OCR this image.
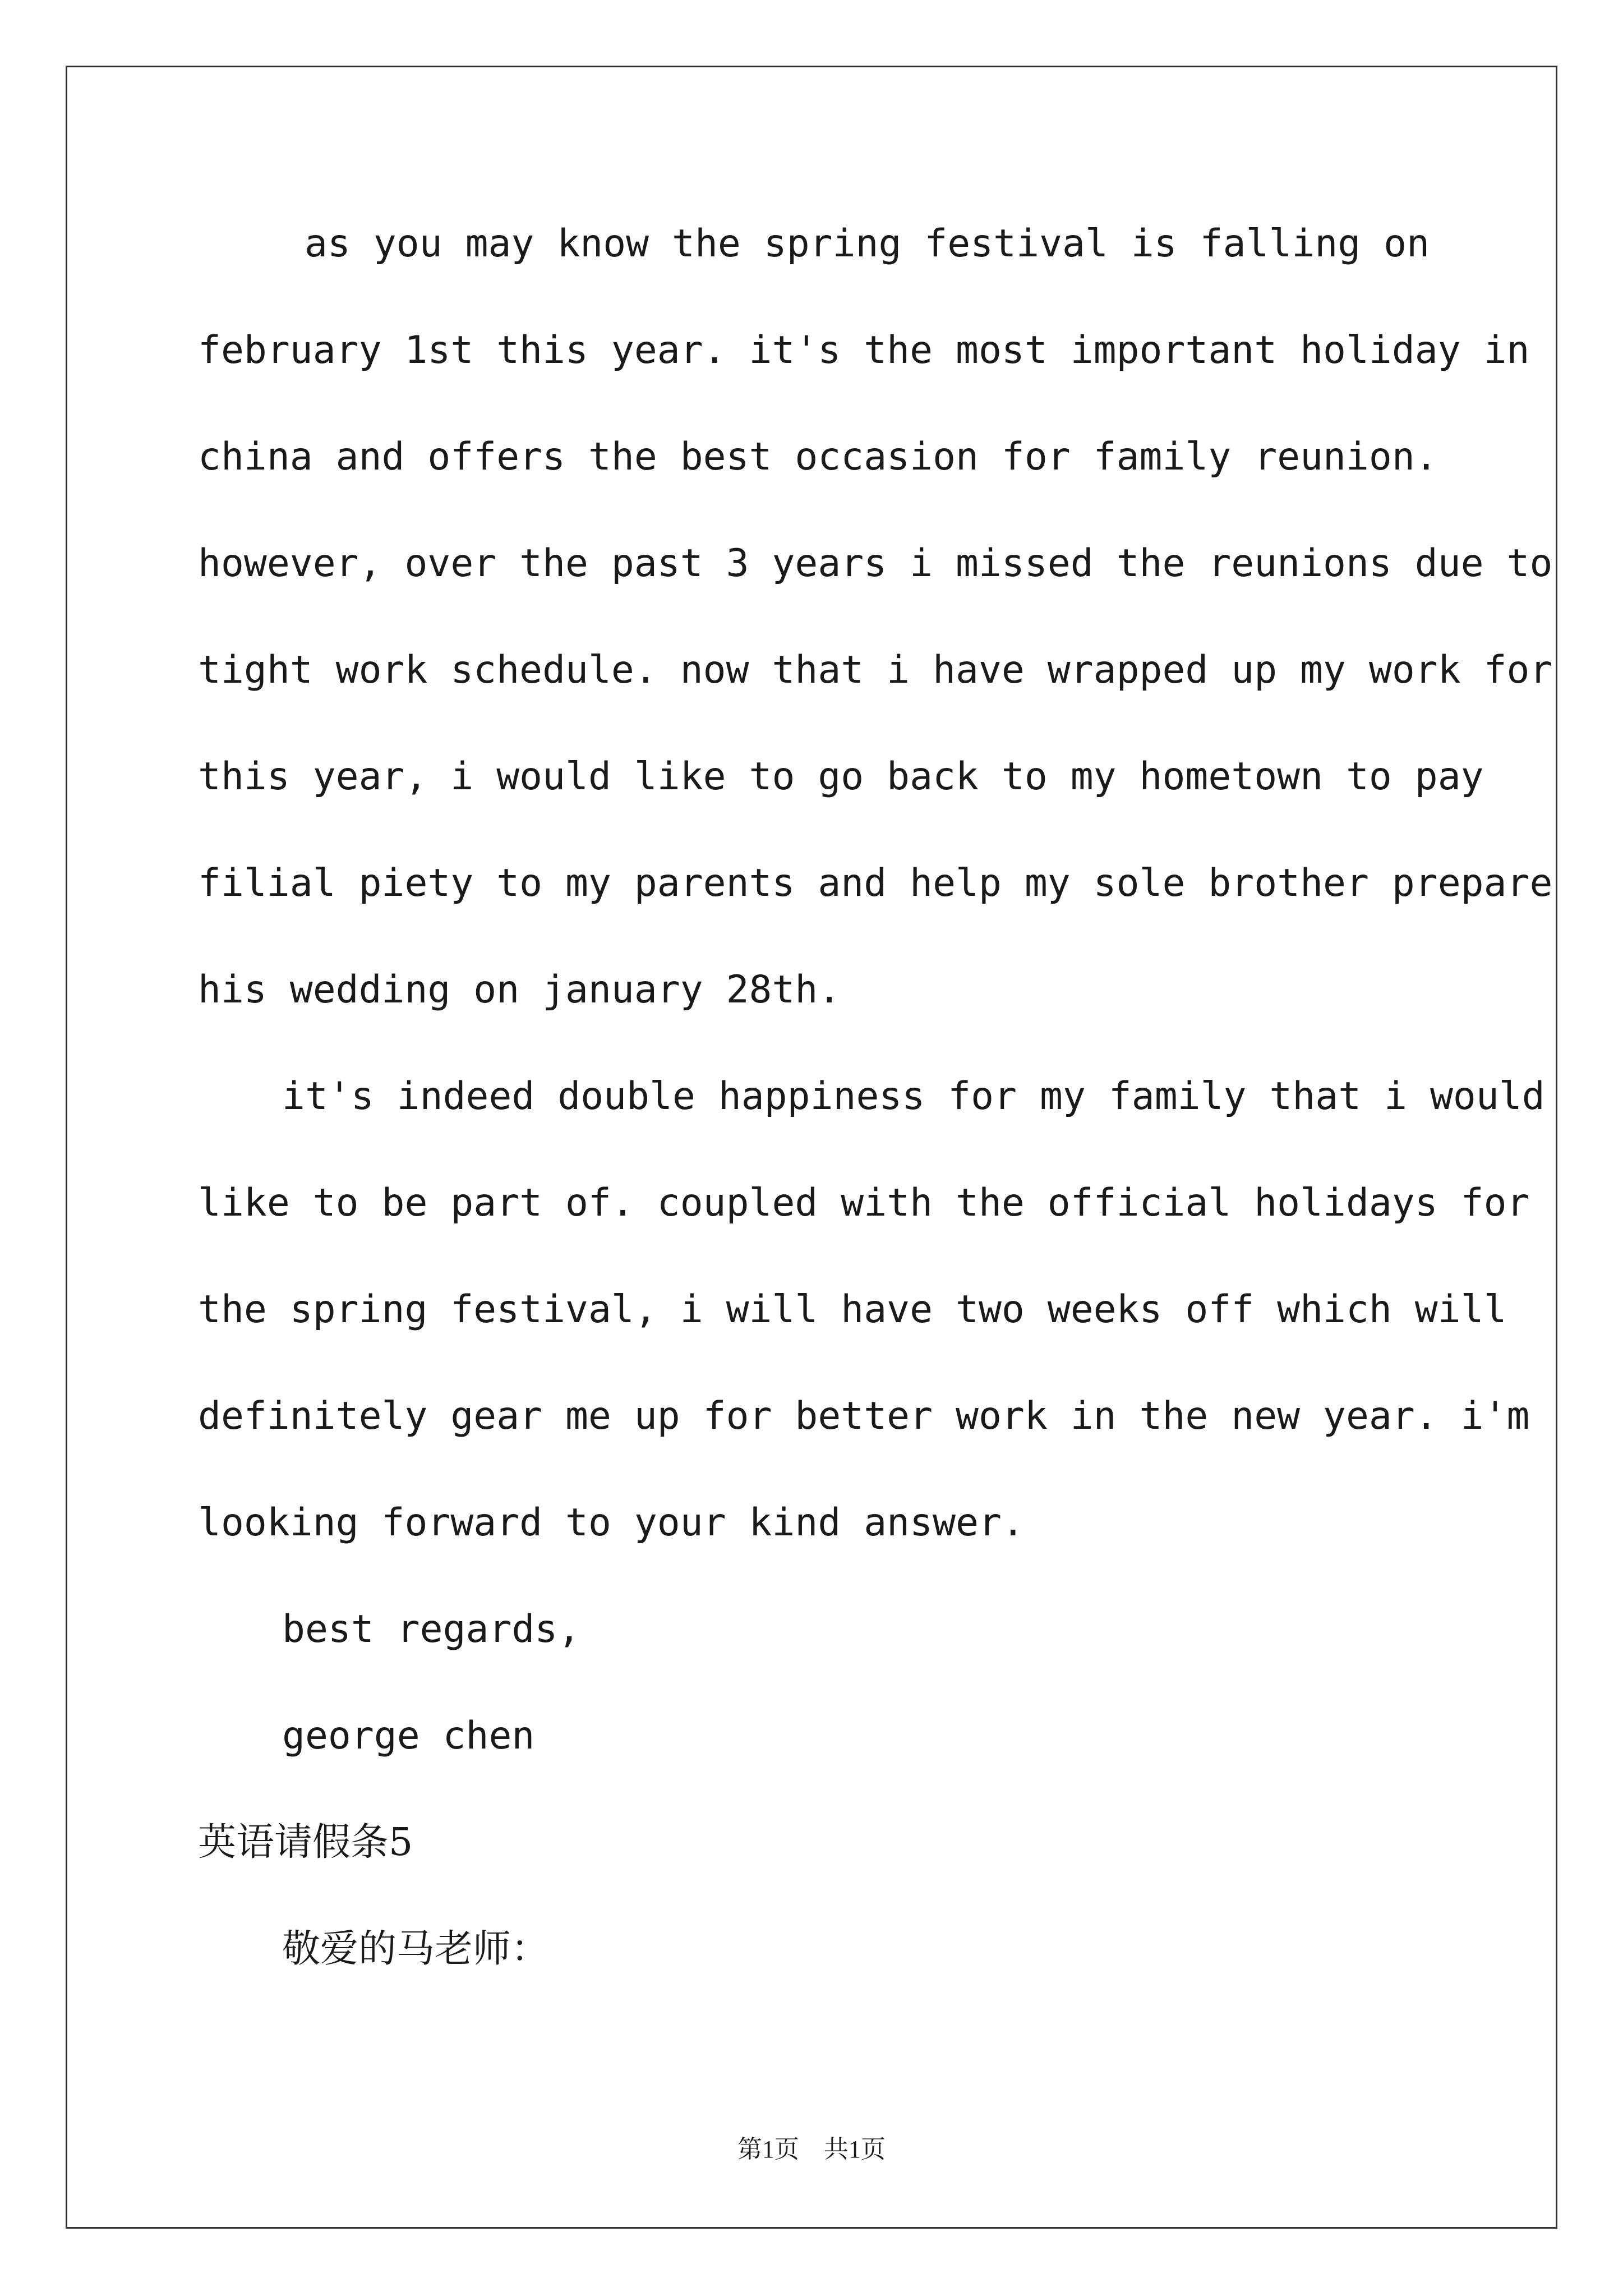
as you may know the spring festival is falling on
february 1st this year. it's the most important holiday in
china and offers the best occasion for family reunion.
however, over the past 3 years i missed the reunions due to
tight work schedule. now that i have wrapped up my work for
this year, i would like to go back to my hometown to pay
filial piety to my parents and help my sole brother prepare
his wedding on january 28th.
it's indeed double happiness for my family that i would
like to be part of. coupled with the official holidays for
the spring festival, i will have two weeks off which will
definitely gear me up for better work in the new year. i'm
looking forward to your kind answer.
best regards,
george chen
英语请假条5
敬爱的马老师：
第1页　共1页
